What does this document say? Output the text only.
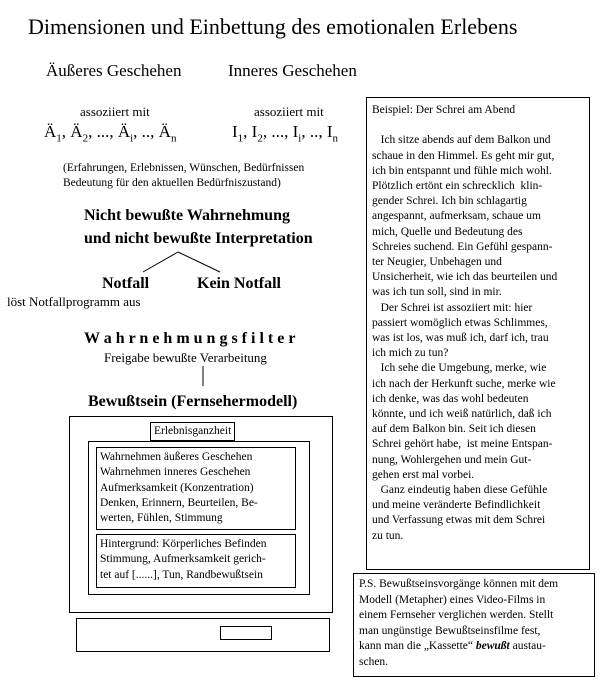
Dimensionen und Einbettung des emotionalen Erlebens
Äußeres Geschehen	Inneres Geschehen
assoziiert mit	assoziiert mit
$Ä_1$, $Ä_2$, ..., $Ä_i$, .., $Ä_n$	$I_1$, $I_2$, ..., $I_i$, .., $I_n$
(Erfahrungen, Erlebnissen, Wünschen, Bedürfnissen
Bedeutung für den aktuellen Bedürfniszustand)
Nicht bewußte Wahrnehmung
und nicht bewußte Interpretation
Notfall	Kein Notfall
löst Notfallprogramm aus
W a h r n e h m u n g s f i l t e r
Freigabe bewußte Verarbeitung
Bewußtsein (Fernsehermodell)
Erlebnisganzheit
Wahrnehmen äußeres Geschehen
Wahrnehmen inneres Geschehen
Aufmerksamkeit (Konzentration)
Denken, Erinnern, Beurteilen, Be-
werten, Fühlen, Stimmung
Hintergrund: Körperliches Befinden
Stimmung, Aufmerksamkeit gerich-
tet auf [......], Tun, Randbewußtsein
Beispiel: Der Schrei am Abend

Ich sitze abends auf dem Balkon und
schaue in den Himmel. Es geht mir gut,
ich bin entspannt und fühle mich wohl.
Plötzlich ertönt ein schrecklich  klin-
gender Schrei. Ich bin schlagartig
angespannt, aufmerksam, schaue um
mich, Quelle und Bedeutung des
Schreies suchend. Ein Gefühl gespann-
ter Neugier, Unbehagen und
Unsicherheit, wie ich das beurteilen und
was ich tun soll, sind in mir.
Der Schrei ist assoziiert mit: hier
passiert womöglich etwas Schlimmes,
was ist los, was muß ich, darf ich, trau
ich mich zu tun?
Ich sehe die Umgebung, merke, wie
ich nach der Herkunft suche, merke wie
ich denke, was das wohl bedeuten
könnte, und ich weiß natürlich, daß ich
auf dem Balkon bin. Seit ich diesen
Schrei gehört habe,  ist meine Entspan-
nung, Wohlergehen und mein Gut-
gehen erst mal vorbei.
Ganz eindeutig haben diese Gefühle
und meine veränderte Befindlichkeit
und Verfassung etwas mit dem Schrei
zu tun.
P.S. Bewußtseinsvorgänge können mit dem
Modell (Metapher) eines Video-Films in
einem Fernseher verglichen werden. Stellt
man ungünstige Bewußtseinsfilme fest,
kann man die „Kassette“ bewußt austau-
schen.
